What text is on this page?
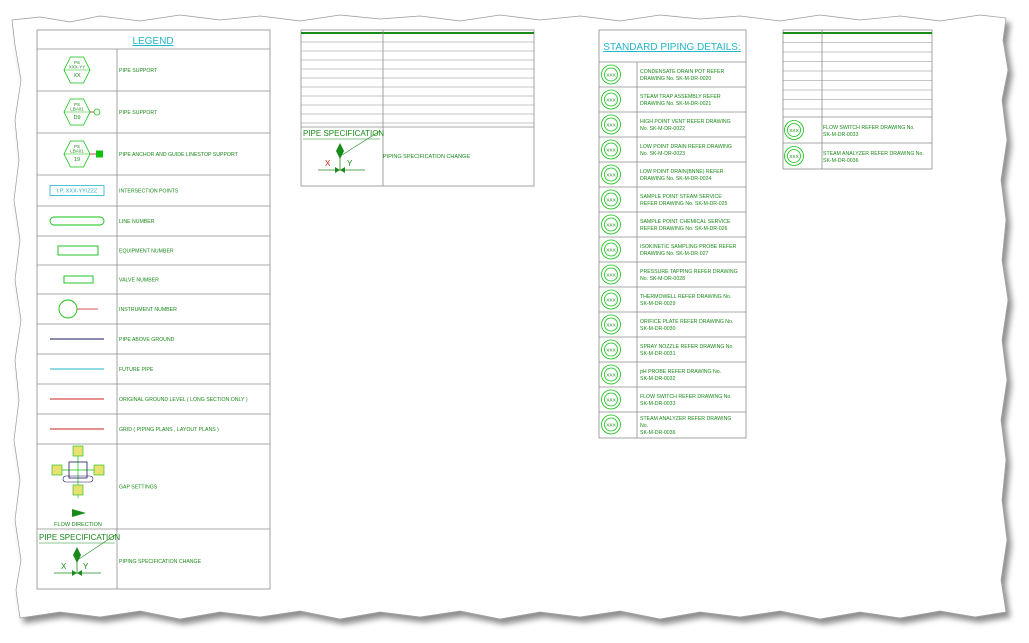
LEGEND
PIPE SUPPORT
PS
XXX-YY
XX
PIPE SUPPORT
PS
LBA01
D9
PIPE ANCHOR AND GUIDE LINESTOP SUPPORT
PS
LBA01
19
INTERSECTION POINTS
I.P. XXX-YY/ZZZ
LINE NUMBER
EQUIPMENT NUMBER
VALVE NUMBER
INSTRUMENT NUMBER
PIPE ABOVE GROUND
FUTURE PIPE
ORIGINAL GROUND LEVEL ( LONG SECTION ONLY )
GRID ( PIPING PLANS , LAYOUT PLANS )
GAP SETTINGS
FLOW DIRECTION
PIPING SPECIFICATION CHANGE
PIPE SPECIFICATION
X Y
PIPE SPECIFICATION
X Y
PIPING SPECIFICATION CHANGE
STANDARD PIPING DETAILS:
XXX
CONDENSATE DRAIN POT REFER
DRAWING No. SK-M-DR-0020
XXX
STEAM TRAP ASSEMBLY REFER
DRAWING No. SK-M-DR-0021
XXX
HIGH POINT VENT REFER DRAWING
No. SK-M-DR-0022
XXX
LOW POINT DRAIN REFER DRAWING
No. SK-M-DR-0023
XXX
LOW POINT DRAIN(BNNE) REFER
DRAWING No. SK-M-DR-0024
XXX
SAMPLE POINT STEAM SERVICE
REFER DRAWING No. SK-M-DR-025
XXX
SAMPLE POINT CHEMICAL SERVICE
REFER DRAWING No. SK-M-DR-026
XXX
ISOKINETIC SAMPLING PROBE REFER
DRAWING No. SK-M-DR-027
XXX
PRESSURE TAPPING REFER DRAWING
No. SK-M-DR-0028
XXX
THERMOWELL REFER DRAWING No.
SK-M-DR-0029
XXX
ORIFICE PLATE REFER DRAWING No.
SK-M-DR-0030
XXX
SPRAY NOZZLE REFER DRAWING No.
SK-M-DR-0031
XXX
pH PROBE REFER DRAWING No.
SK-M-DR-0032
XXX
FLOW SWITCH REFER DRAWING No.
SK-M-DR-0033
XXX
STEAM ANALYZER REFER DRAWING
No.
SK-M-DR-0036
XXX
FLOW SWITCH REFER DRAWING No.
SK-M-DR-0033
XXX
STEAM ANALYZER REFER DRAWING No.
SK-M-DR-0036
